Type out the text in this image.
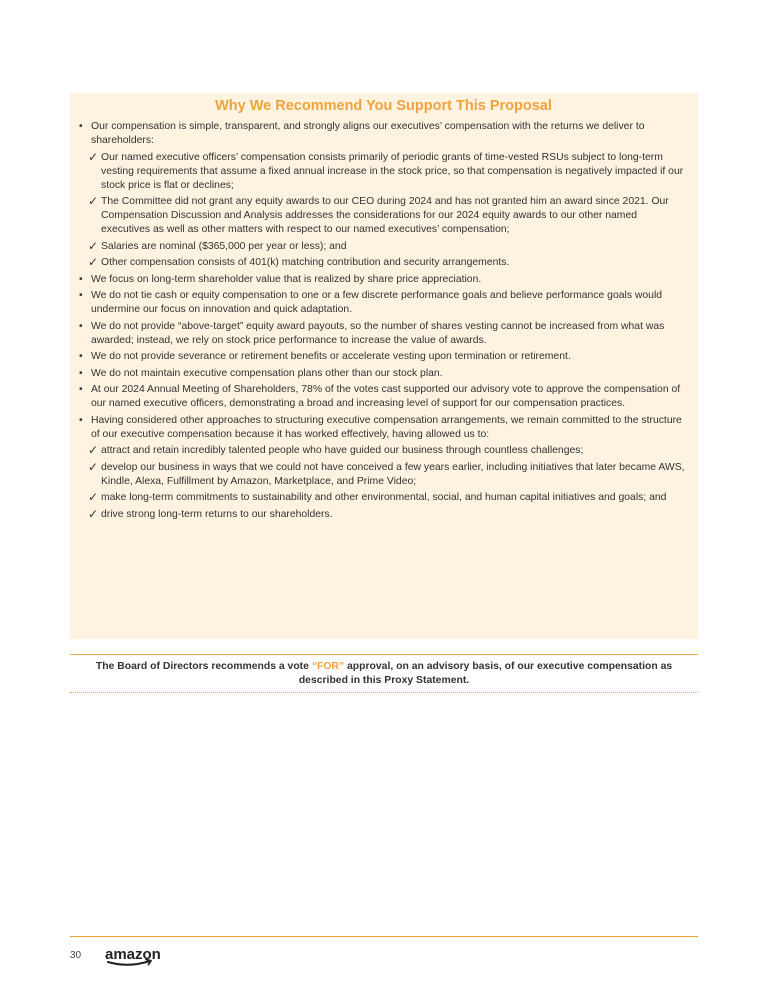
Why We Recommend You Support This Proposal
• Our compensation is simple, transparent, and strongly aligns our executives’ compensation with the returns we deliver to shareholders:
✓ Our named executive officers’ compensation consists primarily of periodic grants of time-vested RSUs subject to long-term vesting requirements that assume a fixed annual increase in the stock price, so that compensation is negatively impacted if our stock price is flat or declines;
✓ The Committee did not grant any equity awards to our CEO during 2024 and has not granted him an award since 2021. Our Compensation Discussion and Analysis addresses the considerations for our 2024 equity awards to our other named executives as well as other matters with respect to our named executives’ compensation;
✓ Salaries are nominal ($365,000 per year or less); and
✓ Other compensation consists of 401(k) matching contribution and security arrangements.
• We focus on long-term shareholder value that is realized by share price appreciation.
• We do not tie cash or equity compensation to one or a few discrete performance goals and believe performance goals would undermine our focus on innovation and quick adaptation.
• We do not provide “above-target” equity award payouts, so the number of shares vesting cannot be increased from what was awarded; instead, we rely on stock price performance to increase the value of awards.
• We do not provide severance or retirement benefits or accelerate vesting upon termination or retirement.
• We do not maintain executive compensation plans other than our stock plan.
• At our 2024 Annual Meeting of Shareholders, 78% of the votes cast supported our advisory vote to approve the compensation of our named executive officers, demonstrating a broad and increasing level of support for our compensation practices.
• Having considered other approaches to structuring executive compensation arrangements, we remain committed to the structure of our executive compensation because it has worked effectively, having allowed us to:
✓ attract and retain incredibly talented people who have guided our business through countless challenges;
✓ develop our business in ways that we could not have conceived a few years earlier, including initiatives that later became AWS, Kindle, Alexa, Fulfillment by Amazon, Marketplace, and Prime Video;
✓ make long-term commitments to sustainability and other environmental, social, and human capital initiatives and goals; and
✓ drive strong long-term returns to our shareholders.
The Board of Directors recommends a vote “FOR” approval, on an advisory basis, of our executive compensation as described in this Proxy Statement.
30 amazon
